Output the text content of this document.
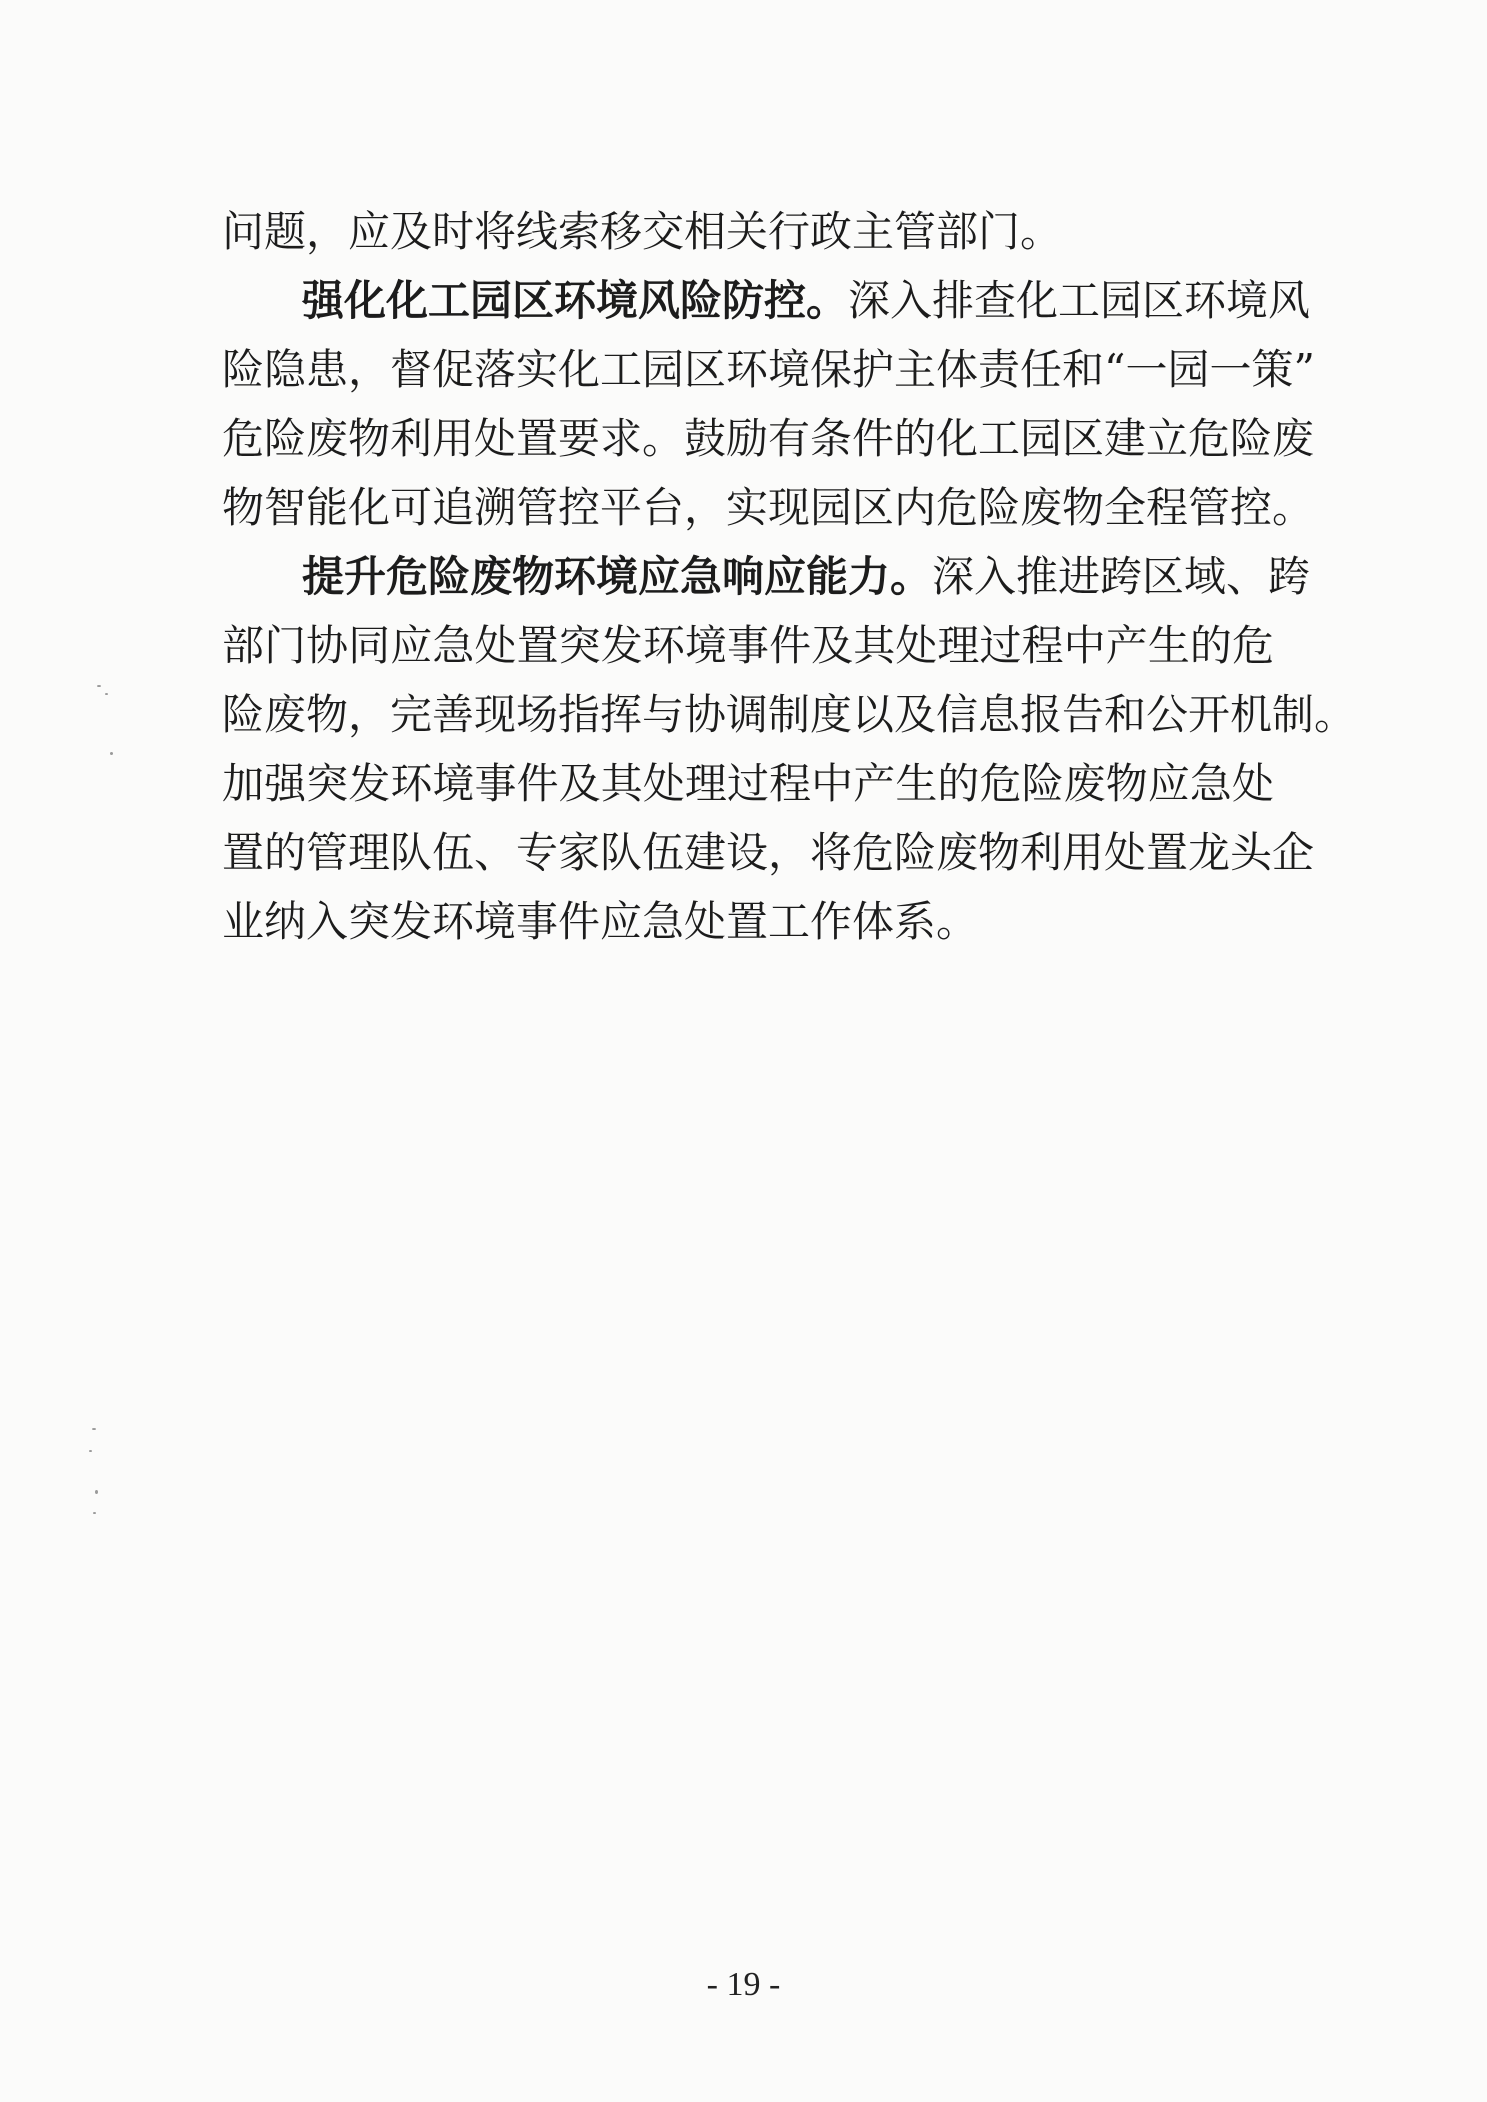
问题，应及时将线索移交相关行政主管部门。
强化化工园区环境风险防控。深入排查化工园区环境风
险隐患，督促落实化工园区环境保护主体责任和“一园一策”
危险废物利用处置要求。鼓励有条件的化工园区建立危险废
物智能化可追溯管控平台，实现园区内危险废物全程管控。
提升危险废物环境应急响应能力。深入推进跨区域、跨
部门协同应急处置突发环境事件及其处理过程中产生的危
险废物，完善现场指挥与协调制度以及信息报告和公开机制。
加强突发环境事件及其处理过程中产生的危险废物应急处
置的管理队伍、专家队伍建设，将危险废物利用处置龙头企
业纳入突发环境事件应急处置工作体系。
- 19 -
